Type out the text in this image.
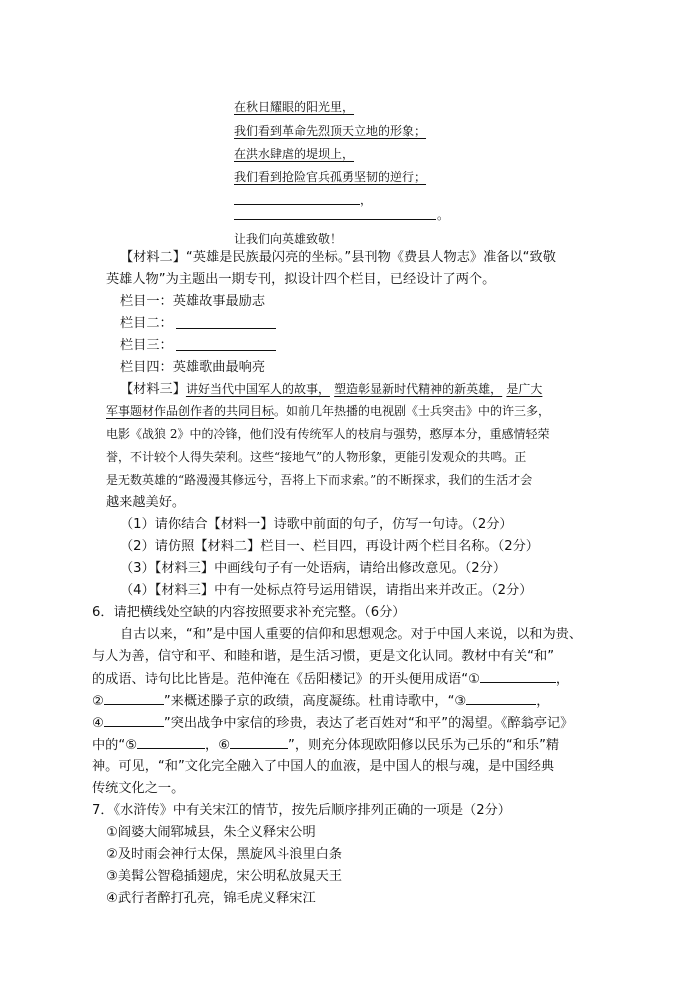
在秋日耀眼的阳光里，
我们看到革命先烈顶天立地的形象；
在洪水肆虐的堤坝上，
我们看到抢险官兵孤勇坚韧的逆行；
，
。
让我们向英雄致敬！
【材料二】“英雄是民族最闪亮的坐标。”县刊物《费县人物志》准备以“致敬
英雄人物”为主题出一期专刊，拟设计四个栏目，已经设计了两个。
栏目一：英雄故事最励志
栏目二：
栏目三：
栏目四：英雄歌曲最响亮
【材料三】讲好当代中国军人的故事， 塑造彰显新时代精神的新英雄， 是广大
军事题材作品创作者的共同目标。如前几年热播的电视剧《士兵突击》中的许三多，
电影《战狼 2》中的冷锋，他们没有传统军人的枝肩与强势，憨厚本分，重感情轻荣
誉，不计较个人得失荣利。这些“接地气”的人物形象，更能引发观众的共鸣。正
是无数英雄的“路漫漫其修远兮，吾将上下而求索。”的不断探求，我们的生活才会
越来越美好。
（1）请你结合【材料一】诗歌中前面的句子，仿写一句诗。（2分）
（2）请仿照【材料二】栏目一、栏目四，再设计两个栏目名称。（2分）
（3）【材料三】中画线句子有一处语病，请给出修改意见。（2分）
（4）【材料三】中有一处标点符号运用错误，请指出来并改正。（2分）
6．请把横线处空缺的内容按照要求补充完整。（6分）
自古以来，“和”是中国人重要的信仰和思想观念。对于中国人来说，以和为贵、
与人为善，信守和平、和睦和谐，是生活习惯，更是文化认同。教材中有关“和”
的成语、诗句比比皆是。范仲淹在《岳阳楼记》的开头便用成语“①	，
②	”来概述滕子京的政绩，高度凝练。杜甫诗歌中，“③	，
④	”突出战争中家信的珍贵，表达了老百姓对“和平”的渴望。《醉翁亭记》
中的“⑤	，⑥	”，则充分体现欧阳修以民乐为己乐的“和乐”精
神。可见，“和”文化完全融入了中国人的血液，是中国人的根与魂，是中国经典
传统文化之一。
7．《水浒传》中有关宋江的情节，按先后顺序排列正确的一项是（2分）
①阎婆大闹郓城县，朱仝义释宋公明
②及时雨会神行太保，黑旋风斗浪里白条
③美髯公智稳插翅虎，宋公明私放晁天王
④武行者醉打孔亮，锦毛虎义释宋江
